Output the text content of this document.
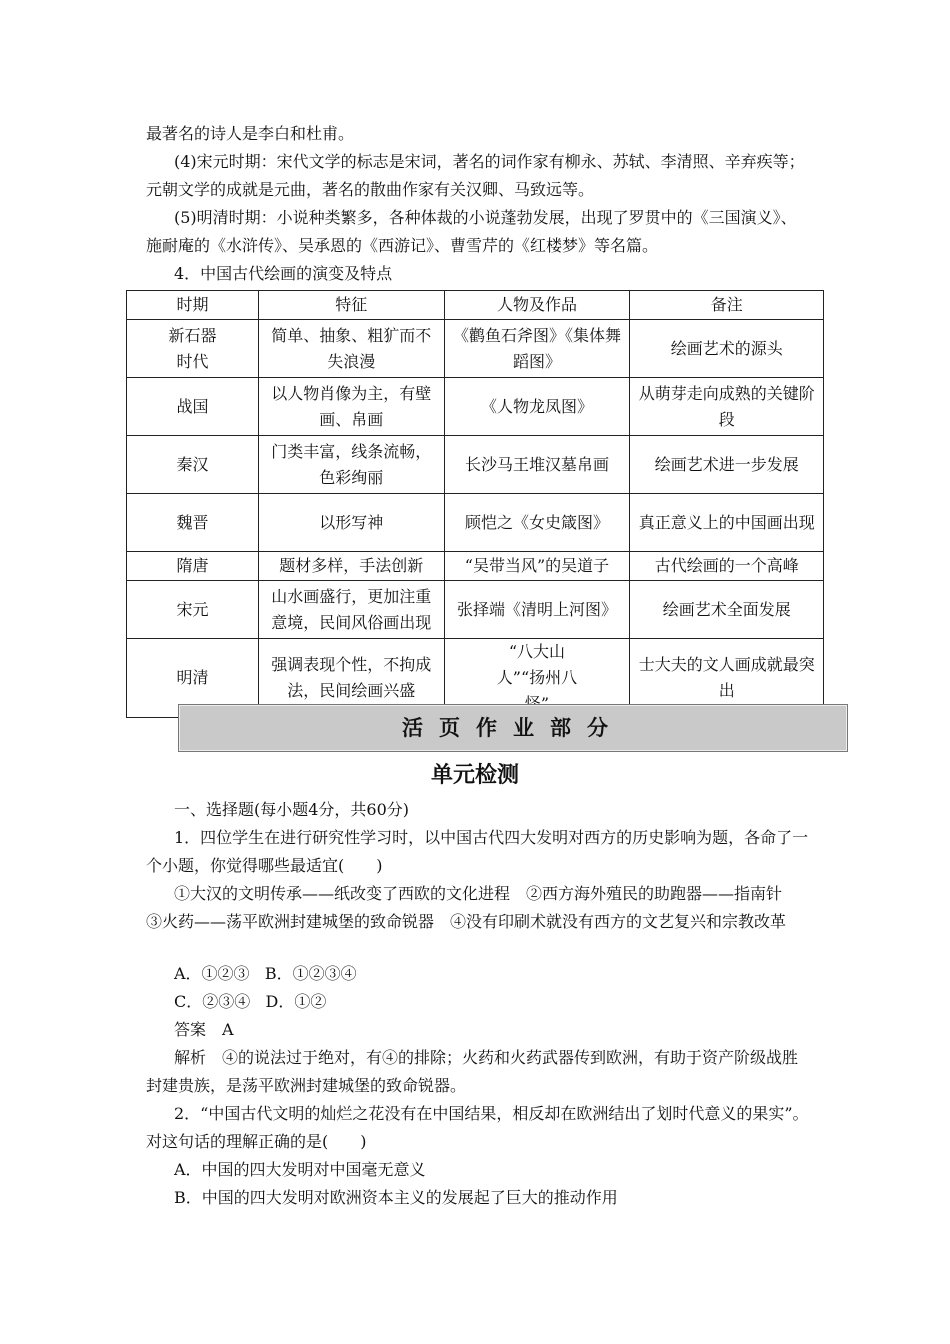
最著名的诗人是李白和杜甫。
(4)宋元时期：宋代文学的标志是宋词，著名的词作家有柳永、苏轼、李清照、辛弃疾等；元朝文学的成就是元曲，著名的散曲作家有关汉卿、马致远等。
(5)明清时期：小说种类繁多，各种体裁的小说蓬勃发展，出现了罗贯中的《三国演义》、施耐庵的《水浒传》、吴承恩的《西游记》、曹雪芹的《红楼梦》等名篇。
4．中国古代绘画的演变及特点
时期	特征	人物及作品	备注
新石器时代	简单、抽象、粗犷而不失浪漫	《鹳鱼石斧图》《集体舞蹈图》	绘画艺术的源头
战国	以人物肖像为主，有壁画、帛画	《人物龙凤图》	从萌芽走向成熟的关键阶段
秦汉	门类丰富，线条流畅，色彩绚丽	长沙马王堆汉墓帛画	绘画艺术进一步发展
魏晋	以形写神	顾恺之《女史箴图》	真正意义上的中国画出现
隋唐	题材多样，手法创新	“吴带当风”的吴道子	古代绘画的一个高峰
宋元	山水画盛行，更加注重意境，民间风俗画出现	张择端《清明上河图》	绘画艺术全面发展
明清	强调表现个性，不拘成法，民间绘画兴盛	“八大山人”“扬州八	士大夫的文人画成就最突出
活页作业部分
单元检测
一、选择题(每小题4分，共60分)
1．四位学生在进行研究性学习时，以中国古代四大发明对西方的历史影响为题，各命了一个小题，你觉得哪些最适宜(　　)
①大汉的文明传承——纸改变了西欧的文化进程　②西方海外殖民的助跑器——指南针　③火药——荡平欧洲封建城堡的致命锐器　④没有印刷术就没有西方的文艺复兴和宗教改革
A．①②③ B．①②③④
C．②③④ D．①②
答案　A
解析　④的说法过于绝对，有④的排除；火药和火药武器传到欧洲，有助于资产阶级战胜封建贵族，是荡平欧洲封建城堡的致命锐器。
2．“中国古代文明的灿烂之花没有在中国结果，相反却在欧洲结出了划时代意义的果实”。对这句话的理解正确的是(　　)
A．中国的四大发明对中国毫无意义
B．中国的四大发明对欧洲资本主义的发展起了巨大的推动作用
